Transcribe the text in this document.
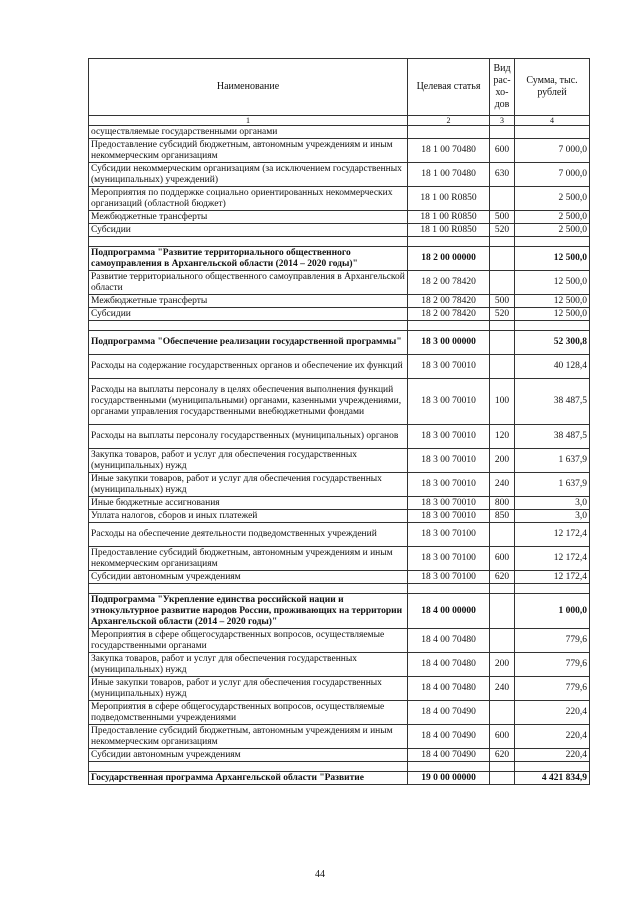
Наименование	Целевая статья	Вид рас-хо-дов	Сумма, тыс. рублей
1	2	3	4
осуществляемые государственными органами			
Предоставление субсидий бюджетным, автономным учреждениям и иным некоммерческим организациям	18 1 00 70480	600	7 000,0
Субсидии некоммерческим организациям (за исключением государственных (муниципальных) учреждений)	18 1 00 70480	630	7 000,0
Мероприятия по поддержке социально ориентированных некоммерческих организаций (областной бюджет)	18 1 00 R0850		2 500,0
Межбюджетные трансферты	18 1 00 R0850	500	2 500,0
Субсидии	18 1 00 R0850	520	2 500,0

Подпрограмма "Развитие территориального общественного самоуправления в Архангельской области (2014 – 2020 годы)"	18 2 00 00000		12 500,0
Развитие территориального общественного самоуправления в Архангельской области	18 2 00 78420		12 500,0
Межбюджетные трансферты	18 2 00 78420	500	12 500,0
Субсидии	18 2 00 78420	520	12 500,0

Подпрограмма "Обеспечение реализации государственной программы"	18 3 00 00000		52 300,8
Расходы на содержание государственных органов и обеспечение их функций	18 3 00 70010		40 128,4
Расходы на выплаты персоналу в целях обеспечения выполнения функций государственными (муниципальными) органами, казенными учреждениями, органами управления государственными внебюджетными фондами	18 3 00 70010	100	38 487,5
Расходы на выплаты персоналу государственных (муниципальных) органов	18 3 00 70010	120	38 487,5
Закупка товаров, работ и услуг для обеспечения государственных (муниципальных) нужд	18 3 00 70010	200	1 637,9
Иные закупки товаров, работ и услуг для обеспечения государственных (муниципальных) нужд	18 3 00 70010	240	1 637,9
Иные бюджетные ассигнования	18 3 00 70010	800	3,0
Уплата налогов, сборов и иных платежей	18 3 00 70010	850	3,0
Расходы на обеспечение деятельности подведомственных учреждений	18 3 00 70100		12 172,4
Предоставление субсидий бюджетным, автономным учреждениям и иным некоммерческим организациям	18 3 00 70100	600	12 172,4
Субсидии автономным учреждениям	18 3 00 70100	620	12 172,4

Подпрограмма "Укрепление единства российской нации и этнокультурное развитие народов России, проживающих на территории Архангельской области (2014 – 2020 годы)"	18 4 00 00000		1 000,0
Мероприятия в сфере общегосударственных вопросов, осуществляемые государственными органами	18 4 00 70480		779,6
Закупка товаров, работ и услуг для обеспечения государственных (муниципальных) нужд	18 4 00 70480	200	779,6
Иные закупки товаров, работ и услуг для обеспечения государственных (муниципальных) нужд	18 4 00 70480	240	779,6
Мероприятия в сфере общегосударственных вопросов, осуществляемые подведомственными учреждениями	18 4 00 70490		220,4
Предоставление субсидий бюджетным, автономным учреждениям и иным некоммерческим организациям	18 4 00 70490	600	220,4
Субсидии автономным учреждениям	18 4 00 70490	620	220,4

Государственная программа Архангельской области "Развитие	19 0 00 00000		4 421 834,9
44
